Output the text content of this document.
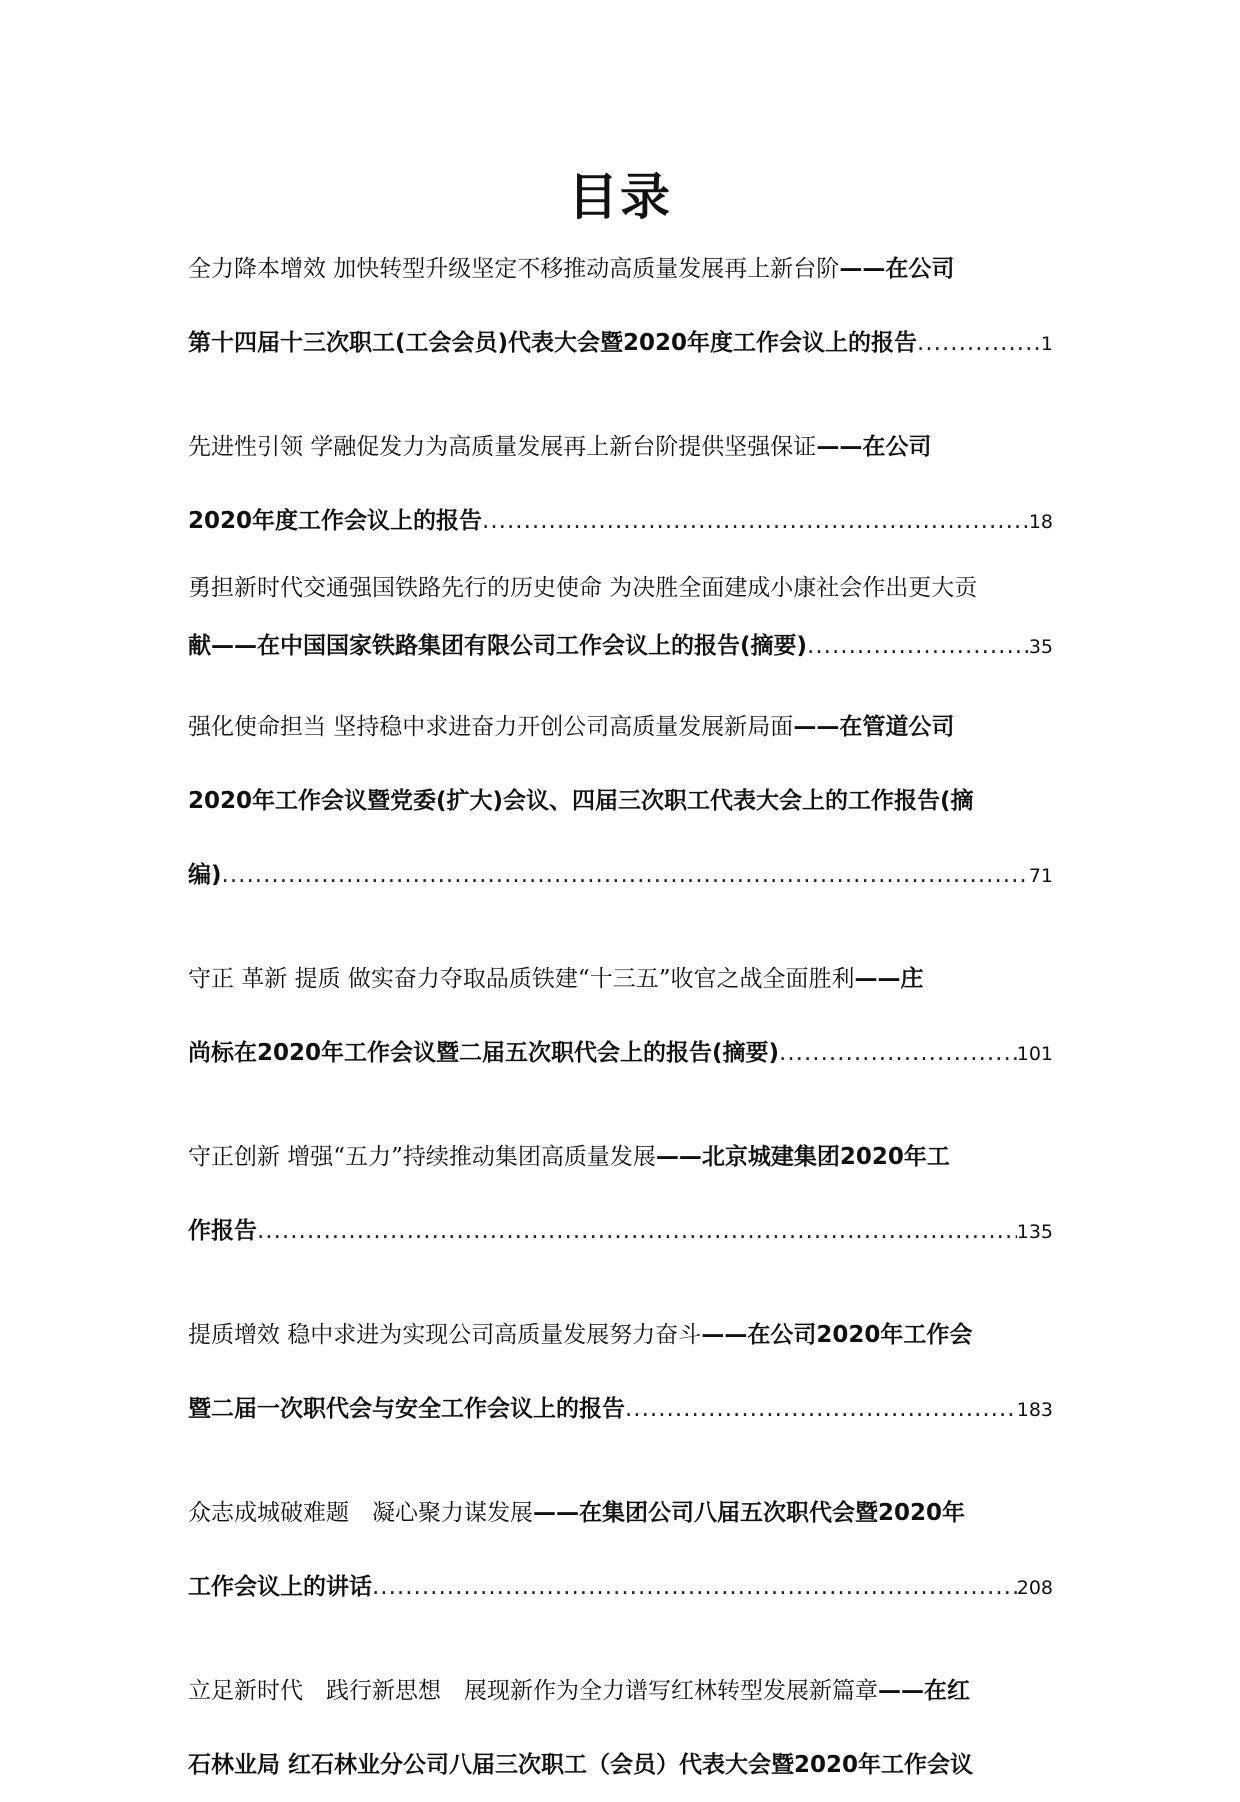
目录
全力降本增效 加快转型升级坚定不移推动高质量发展再上新台阶——在公司
第十四届十三次职工(工会会员)代表大会暨2020年度工作会议上的报告 .....	1
先进性引领 学融促发力为高质量发展再上新台阶提供坚强保证——在公司
2020年度工作会议上的报告 .....	18
勇担新时代交通强国铁路先行的历史使命 为决胜全面建成小康社会作出更大贡
献——在中国国家铁路集团有限公司工作会议上的报告(摘要) .....	35
强化使命担当 坚持稳中求进奋力开创公司高质量发展新局面——在管道公司
2020年工作会议暨党委(扩大)会议、四届三次职工代表大会上的工作报告(摘
编) .....	71
守正 革新 提质 做实奋力夺取品质铁建“十三五”收官之战全面胜利——庄
尚标在2020年工作会议暨二届五次职代会上的报告(摘要) .....	101
守正创新 增强“五力”持续推动集团高质量发展——北京城建集团2020年工
作报告 .....	135
提质增效 稳中求进为实现公司高质量发展努力奋斗——在公司2020年工作会
暨二届一次职代会与安全工作会议上的报告 .....	183
众志成城破难题　凝心聚力谋发展——在集团公司八届五次职代会暨2020年
工作会议上的讲话 .....	208
立足新时代　践行新思想　展现新作为全力谱写红林转型发展新篇章——在红
石林业局 红石林业分公司八届三次职工（会员）代表大会暨2020年工作会议
